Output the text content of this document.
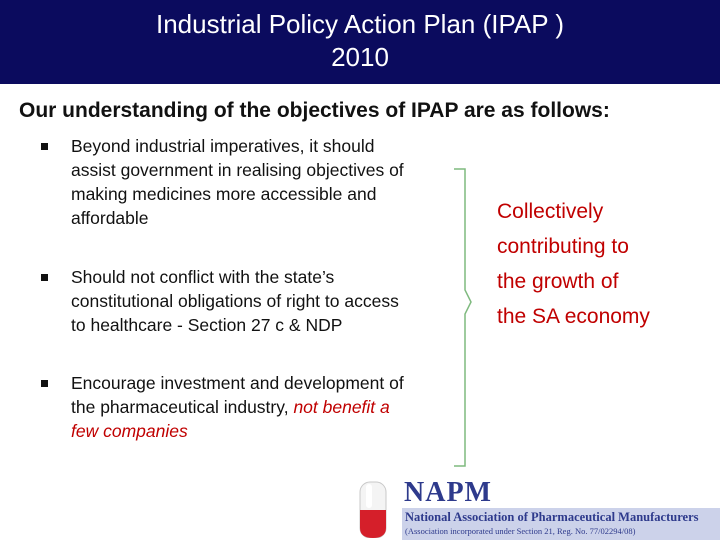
Industrial Policy Action Plan (IPAP )
2010
Our understanding of the objectives of IPAP are as follows:
Beyond industrial imperatives, it should assist government in realising objectives of making medicines more accessible and affordable
Should not conflict with the state’s constitutional obligations of right to access to healthcare - Section 27 c & NDP
Encourage investment and development of the pharmaceutical industry, not benefit a few companies
Collectively
contributing to
the growth of
the SA economy
NAPM
National Association of Pharmaceutical Manufacturers
(Association incorporated under Section 21, Reg. No. 77/02294/08)
